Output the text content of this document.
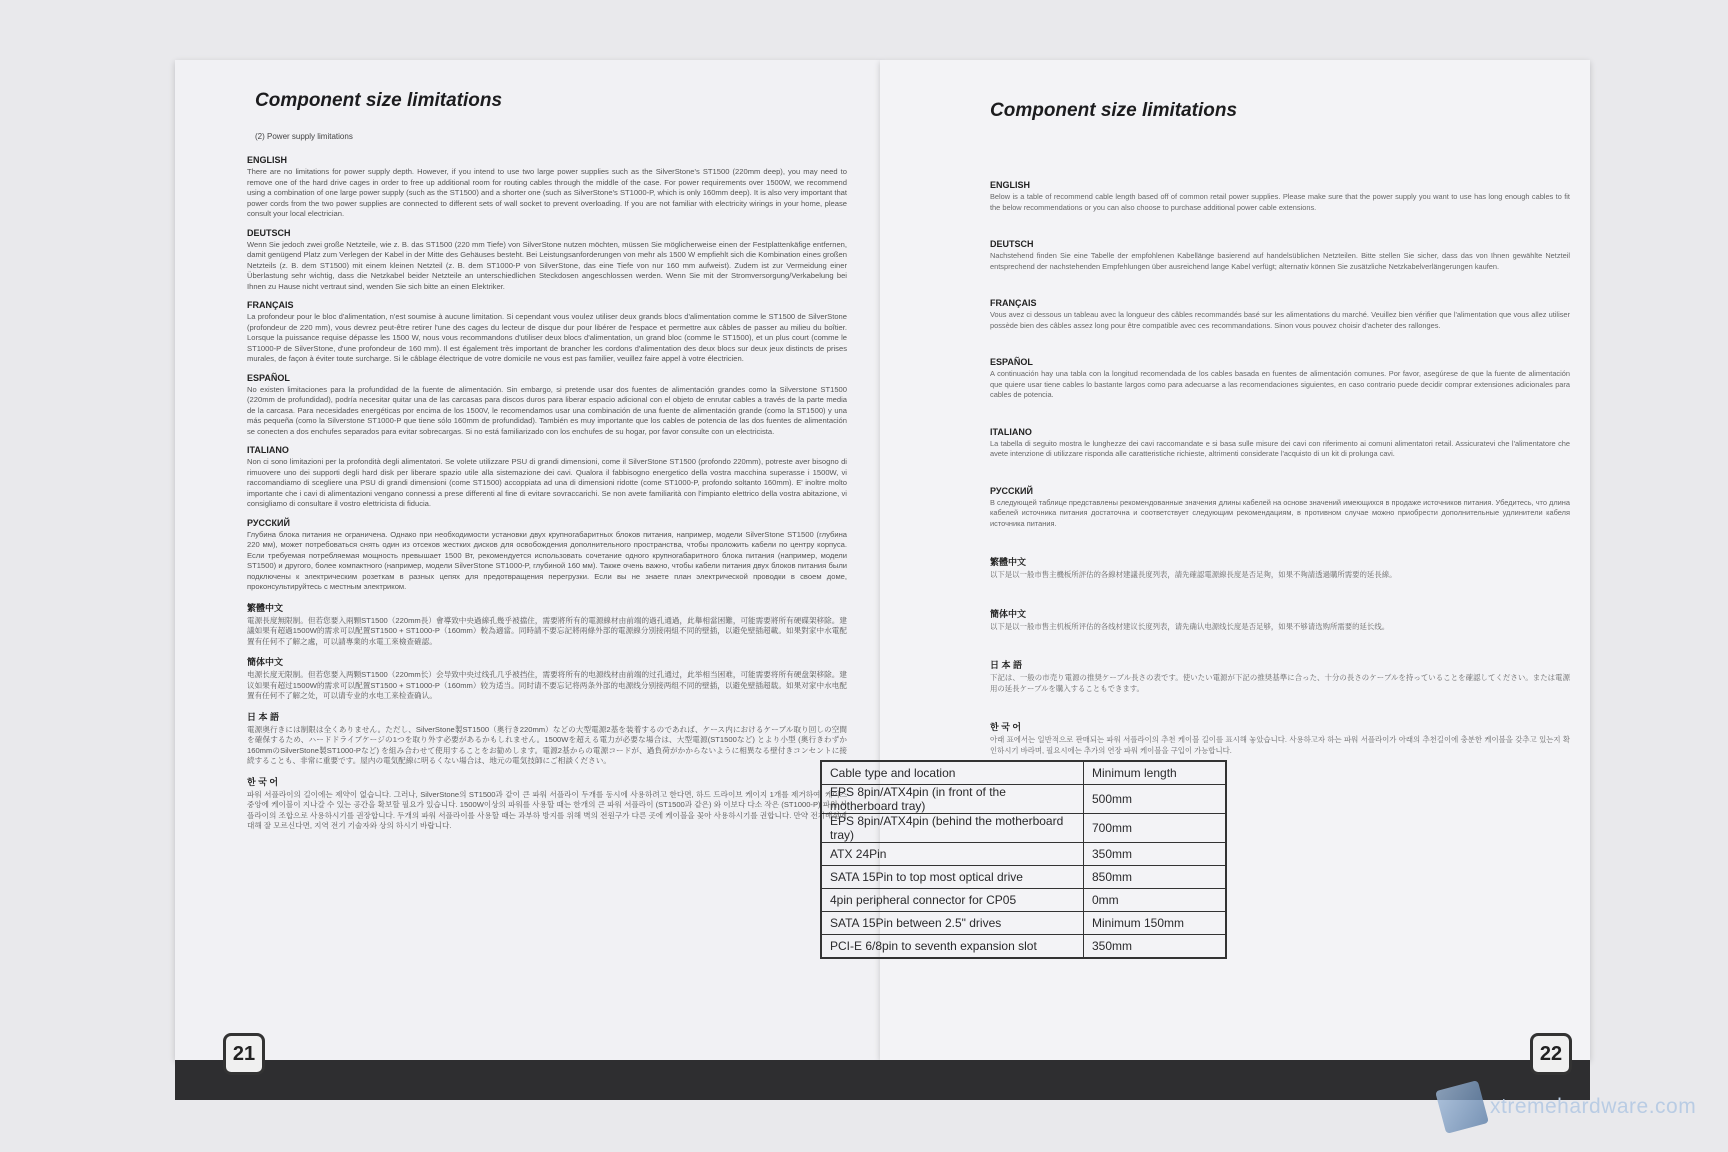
Component size limitations
(2) Power supply limitations
ENGLISH

There are no limitations for power supply depth. However, if you intend to use two large power supplies such as the SilverStone's ST1500 (220mm deep), you may need to remove one of the hard drive cages in order to free up additional room for routing cables through the middle of the case. For power requirements over 1500W, we recommend using a combination of one large power supply (such as the ST1500) and a shorter one (such as SilverStone's ST1000-P, which is only 160mm deep). It is also very important that power cords from the two power supplies are connected to different sets of wall socket to prevent overloading. If you are not familiar with electricity wirings in your home, please consult your local electrician.

DEUTSCH

Wenn Sie jedoch zwei große Netzteile, wie z. B. das ST1500 (220 mm Tiefe) von SilverStone nutzen möchten, müssen Sie möglicherweise einen der Festplattenkäfige entfernen, damit genügend Platz zum Verlegen der Kabel in der Mitte des Gehäuses besteht. Bei Leistungsanforderungen von mehr als 1500 W empfiehlt sich die Kombination eines großen Netzteils (z. B. dem ST1500) mit einem kleinen Netzteil (z. B. dem ST1000-P von SilverStone, das eine Tiefe von nur 160 mm aufweist). Zudem ist zur Vermeidung einer Überlastung sehr wichtig, dass die Netzkabel beider Netzteile an unterschiedlichen Steckdosen angeschlossen werden. Wenn Sie mit der Stromversorgung/Verkabelung bei Ihnen zu Hause nicht vertraut sind, wenden Sie sich bitte an einen Elektriker.

FRANÇAIS

La profondeur pour le bloc d'alimentation, n'est soumise à aucune limitation. Si cependant vous voulez utiliser deux grands blocs d'alimentation comme le ST1500 de SilverStone (profondeur de 220 mm), vous devrez peut-être retirer l'une des cages du lecteur de disque dur pour libérer de l'espace et permettre aux câbles de passer au milieu du boîtier. Lorsque la puissance requise dépasse les 1500 W, nous vous recommandons d'utiliser deux blocs d'alimentation, un grand bloc (comme le ST1500), et un plus court (comme le ST1000-P de SilverStone, d'une profondeur de 160 mm). Il est également très important de brancher les cordons d'alimentation des deux blocs sur deux jeux distincts de prises murales, de façon à éviter toute surcharge. Si le câblage électrique de votre domicile ne vous est pas familier, veuillez faire appel à votre électricien.

ESPAÑOL

No existen limitaciones para la profundidad de la fuente de alimentación. Sin embargo, si pretende usar dos fuentes de alimentación grandes como la Silverstone ST1500 (220mm de profundidad), podría necesitar quitar una de las carcasas para discos duros para liberar espacio adicional con el objeto de enrutar cables a través de la parte media de la carcasa. Para necesidades energéticas por encima de los 1500V, le recomendamos usar una combinación de una fuente de alimentación grande (como la ST1500) y una más pequeña (como la Silverstone ST1000-P que tiene sólo 160mm de profundidad). También es muy importante que los cables de potencia de las dos fuentes de alimentación se conecten a dos enchufes separados para evitar sobrecargas. Si no está familiarizado con los enchufes de su hogar, por favor consulte con un electricista.

ITALIANO

Non ci sono limitazioni per la profondità degli alimentatori. Se volete utilizzare PSU di grandi dimensioni, come il SilverStone ST1500 (profondo 220mm), potreste aver bisogno di rimuovere uno dei supporti degli hard disk per liberare spazio utile alla sistemazione dei cavi. Qualora il fabbisogno energetico della vostra macchina superasse i 1500W, vi raccomandiamo di scegliere una PSU di grandi dimensioni (come ST1500) accoppiata ad una di dimensioni ridotte (come ST1000-P, profondo soltanto 160mm). E' inoltre molto importante che i cavi di alimentazioni vengano connessi a prese differenti al fine di evitare sovraccarichi. Se non avete familiarità con l'impianto elettrico della vostra abitazione, vi consigliamo di consultare il vostro elettricista di fiducia.

РУССКИЙ

Глубина блока питания не ограничена. Однако при необходимости установки двух крупногабаритных блоков питания, например, модели SilverStone ST1500 (глубина 220 мм), может потребоваться снять один из отсеков жестких дисков для освобождения дополнительного пространства, чтобы проложить кабели по центру корпуса. Если требуемая потребляемая мощность превышает 1500 Вт, рекомендуется использовать сочетание одного крупногабаритного блока питания (например, модели ST1500) и другого, более компактного (например, модели SilverStone ST1000-P, глубиной 160 мм). Также очень важно, чтобы кабели питания двух блоков питания были подключены к электрическим розеткам в разных цепях для предотвращения перегрузки. Если вы не знаете план электрической проводки в своем доме, проконсультируйтесь с местным электриком.

繁體中文

電源長度無限制。但若您要入兩顆ST1500（220mm長）會導致中央過線孔幾乎被擋住，需要將所有的電源線材由前端的過孔通過，此舉相當困難，可能需要將所有硬碟架移除。建議如果有超過1500W的需求可以配置ST1500 + ST1000-P（160mm）較為適當。同時請不要忘記將兩條外部的電源線分別接兩組不同的壁插，以避免壁插超載。如果對家中水電配置有任何不了解之處，可以請專業的水電工來檢查確認。

簡体中文

电源长度无限制。但若您要入两颗ST1500（220mm长）会导致中央过线孔几乎被挡住，需要将所有的电源线材由前端的过孔通过，此举相当困难，可能需要将所有硬盘架移除。建议如果有超过1500W的需求可以配置ST1500 + ST1000-P（160mm）较为适当。同时请不要忘记将两条外部的电源线分别接两组不同的壁插，以避免壁插超载。如果对家中水电配置有任何不了解之处，可以请专业的水电工来检查确认。

日 本 語

電源奥行きには制限は全くありません。ただし、SilverStone製ST1500（奥行き220mm）などの大型電源2基を装着するのであれば、ケース内におけるケーブル取り回しの空間を確保するため、ハードドライブケージの1つを取り外す必要があるかもしれません。1500Wを超える電力が必要な場合は、大型電源(ST1500など) とより小型 (奥行きわずか160mmのSilverStone製ST1000-Pなど) を組み合わせて使用することをお勧めします。電源2基からの電源コードが、過負荷がかからないように相異なる壁付きコンセントに接続することも、非常に重要です。屋内の電気配線に明るくない場合は、地元の電気技師にご相談ください。

한 국 어

파워 서플라이의 길이에는 제약이 없습니다. 그러나, SilverStone의 ST1500과 같이 큰 파워 서플라이 두개를 동시에 사용하려고 한다면, 하드 드라이브 케이지 1개를 제거하여, 케이스 중앙에 케이블이 지나갈 수 있는 공간을 확보할 필요가 있습니다. 1500W이상의 파워를 사용할 때는 한개의 큰 파워 서플라이 (ST1500과 같은) 와 이보다 다소 작은 (ST1000-P) 파워 서플라이의 조합으로 사용하시기를 권장합니다. 두개의 파워 서플라이를 사용할 때는 과부하 방지를 위해 벽의 전원구가 다른 곳에 케이블을 꽂아 사용하시기를 권합니다. 만약 전기배선에 대해 잘 모르신다면, 지역 전기 기술자와 상의 하시기 바랍니다.

Component size limitations
ENGLISH

Below is a table of recommend cable length based off of common retail power supplies. Please make sure that the power supply you want to use has long enough cables to fit the below recommendations or you can also choose to purchase additional power cable extensions.

DEUTSCH

Nachstehend finden Sie eine Tabelle der empfohlenen Kabellänge basierend auf handelsüblichen Netzteilen. Bitte stellen Sie sicher, dass das von Ihnen gewählte Netzteil entsprechend der nachstehenden Empfehlungen über ausreichend lange Kabel verfügt; alternativ können Sie zusätzliche Netzkabelverlängerungen kaufen.

FRANÇAIS

Vous avez ci dessous un tableau avec la longueur des câbles recommandés basé sur les alimentations du marché. Veuillez bien vérifier que l'alimentation que vous allez utiliser possède bien des câbles assez long pour être compatible avec ces recommandations. Sinon vous pouvez choisir d'acheter des rallonges.

ESPAÑOL

A continuación hay una tabla con la longitud recomendada de los cables basada en fuentes de alimentación comunes. Por favor, asegúrese de que la fuente de alimentación que quiere usar tiene cables lo bastante largos como para adecuarse a las recomendaciones siguientes, en caso contrario puede decidir comprar extensiones adicionales para cables de potencia.

ITALIANO

La tabella di seguito mostra le lunghezze dei cavi raccomandate e si basa sulle misure dei cavi con riferimento ai comuni alimentatori retail. Assicuratevi che l'alimentatore che avete intenzione di utilizzare risponda alle caratteristiche richieste, altrimenti considerate l'acquisto di un kit di prolunga cavi.

РУССКИЙ

В следующей таблице представлены рекомендованные значения длины кабелей на основе значений имеющихся в продаже источников питания. Убедитесь, что длина кабелей источника питания достаточна и соответствует следующим рекомендациям, в противном случае можно приобрести дополнительные удлинители кабеля источника питания.

繁體中文

以下是以一般市售主機板所評估的各線材建議長度列表，請先確認電源線長度是否足夠，如果不夠請透過購所需要的延長線。

簡体中文

以下是以一般市售主机板所评估的各线材建议长度列表，请先确认电源线长度是否足够，如果不够请选购所需要的延长线。

日 本 語

下記は、一般の市売り電源の推奨ケーブル長さの表です。使いたい電源が下記の推奨基準に合った、十分の長さのケーブルを持っていることを確認してください。または電源用の延長ケーブルを購入することもできます。

한 국 어

아래 표에서는 일반적으로 판매되는 파워 서플라이의 추천 케이블 길이를 표시해 놓았습니다. 사용하고자 하는 파워 서플라이가 아래의 추천길이에 충분한 케이블을 갖추고 있는지 확인하시기 바라며, 필요시에는 추가의 연장 파워 케이블을 구입이 가능합니다.

21	22
Cable type and location	Minimum length
EPS 8pin/ATX4pin (in front of the motherboard tray)	500mm
EPS 8pin/ATX4pin (behind the motherboard tray)	700mm
ATX 24Pin	350mm
SATA 15Pin to top most optical drive	850mm
4pin peripheral connector for CP05	0mm
SATA 15Pin between 2.5" drives	Minimum 150mm
PCI-E 6/8pin to seventh expansion slot	350mm
xtremehardware.com
